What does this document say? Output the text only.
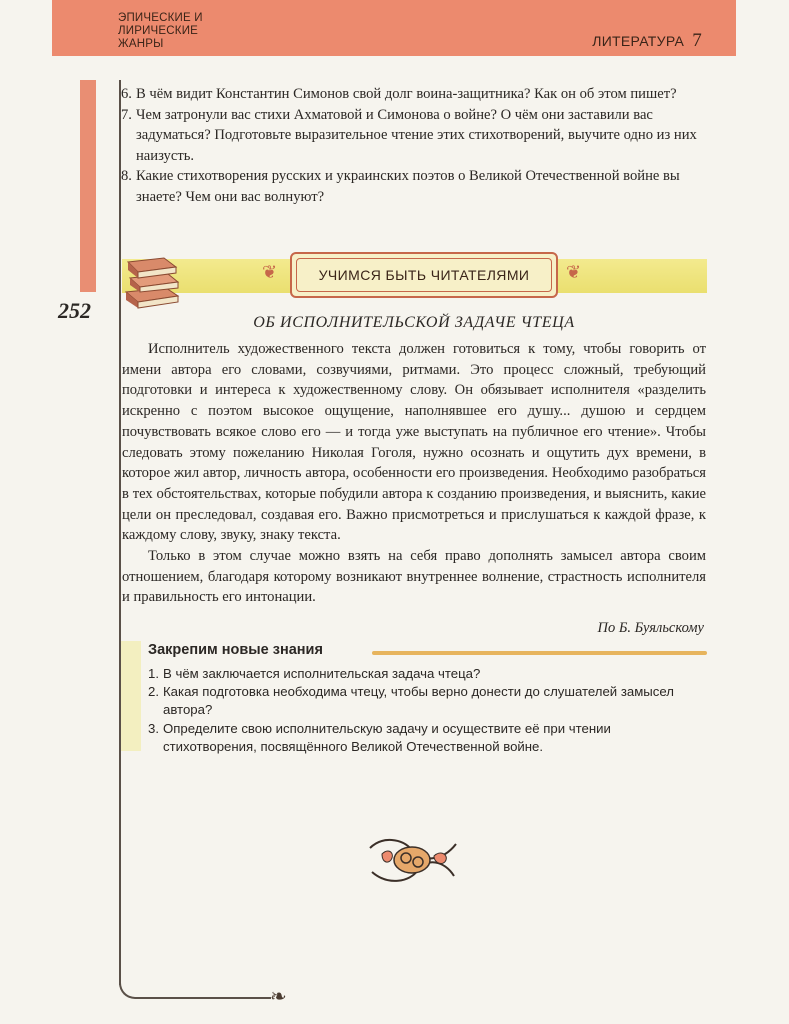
ЭПИЧЕСКИЕ И
ЛИРИЧЕСКИЕ
ЖАНРЫ	ЛИТЕРАТУРА 7
❧
252
6. В чём видит Константин Симонов свой долг воина-защитника? Как он об этом пишет?
7. Чем затронули вас стихи Ахматовой и Симонова о войне? О чём они заставили вас задуматься? Подготовьте выразительное чтение этих стихотворений, выучите одно из них наизусть.
8. Какие стихотворения русских и украинских поэтов о Великой Отечественной войне вы знаете? Чем они вас волнуют?
❦	❦
УЧИМСЯ БЫТЬ ЧИТАТЕЛЯМИ
ОБ ИСПОЛНИТЕЛЬСКОЙ ЗАДАЧЕ ЧТЕЦА

Исполнитель художественного текста должен готовиться к тому, чтобы говорить от имени автора его словами, созвучиями, ритмами. Это процесс сложный, требующий подготовки и интереса к художественному слову. Он обязывает исполнителя «разделить искренно с поэтом высокое ощущение, наполнявшее его душу... душою и сердцем почувствовать всякое слово его — и тогда уже выступать на публичное его чтение». Чтобы следовать этому пожеланию Николая Гоголя, нужно осознать и ощутить дух времени, в которое жил автор, личность автора, особенности его произведения. Необходимо разобраться в тех обстоятельствах, которые побудили автора к созданию произведения, и выяснить, какие цели он преследовал, создавая его. Важно присмотреться и прислушаться к каждой фразе, к каждому слову, звуку, знаку текста.

Только в этом случае можно взять на себя право дополнять замысел автора своим отношением, благодаря которому возникают внутреннее волнение, страстность исполнителя и правильность его интонации.

По Б. Буяльскому
Закрепим новые знания
1. В чём заключается исполнительская задача чтеца?
2. Какая подготовка необходима чтецу, чтобы верно донести до слушателей замысел автора?
3. Определите свою исполнительскую задачу и осуществите её при чтении стихотворения, посвящённого Великой Отечественной войне.
